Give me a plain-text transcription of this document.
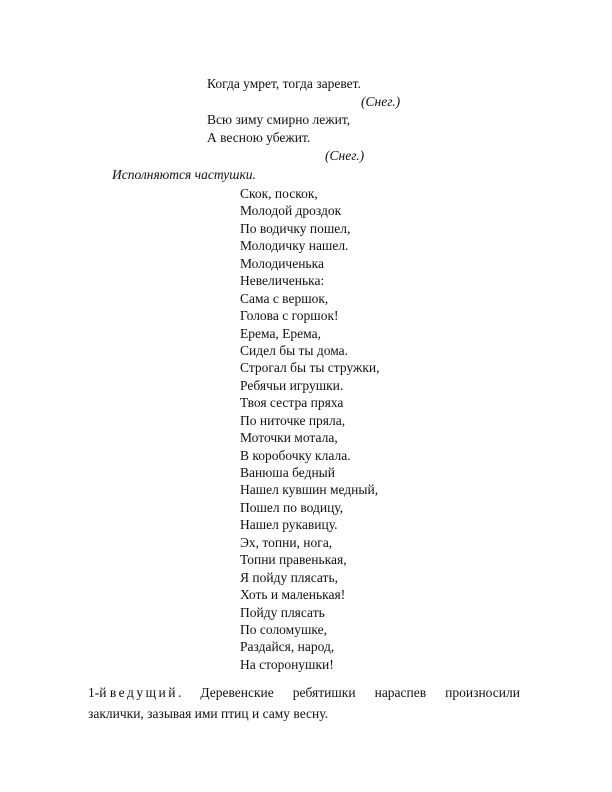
Когда умрет, тогда заревет.
(Снег.)
Всю зиму смирно лежит,
А весною убежит.
(Снег.)
Исполняются частушки.
Скок, поскок,
Молодой дроздок
По водичку пошел,
Молодичку нашел.
Молодиченька
Невеличенька:
Сама с вершок,
Голова с горшок!
Ерема, Ерема,
Сидел бы ты дома.
Строгал бы ты стружки,
Ребячьи игрушки.
Твоя сестра пряха
По ниточке пряла,
Моточки мотала,
В коробочку клала.
Ванюша бедный
Нашел кувшин медный,
Пошел по водицу,
Нашел рукавицу.
Эх, топни, нога,
Топни правенькая,
Я пойду плясать,
Хоть и маленькая!
Пойду плясать
По соломушке,
Раздайся, народ,
На сторонушки!
1-й ведущий. Деревенские ребятишки нараспев произносили
заклички, зазывая ими птиц и саму весну.
